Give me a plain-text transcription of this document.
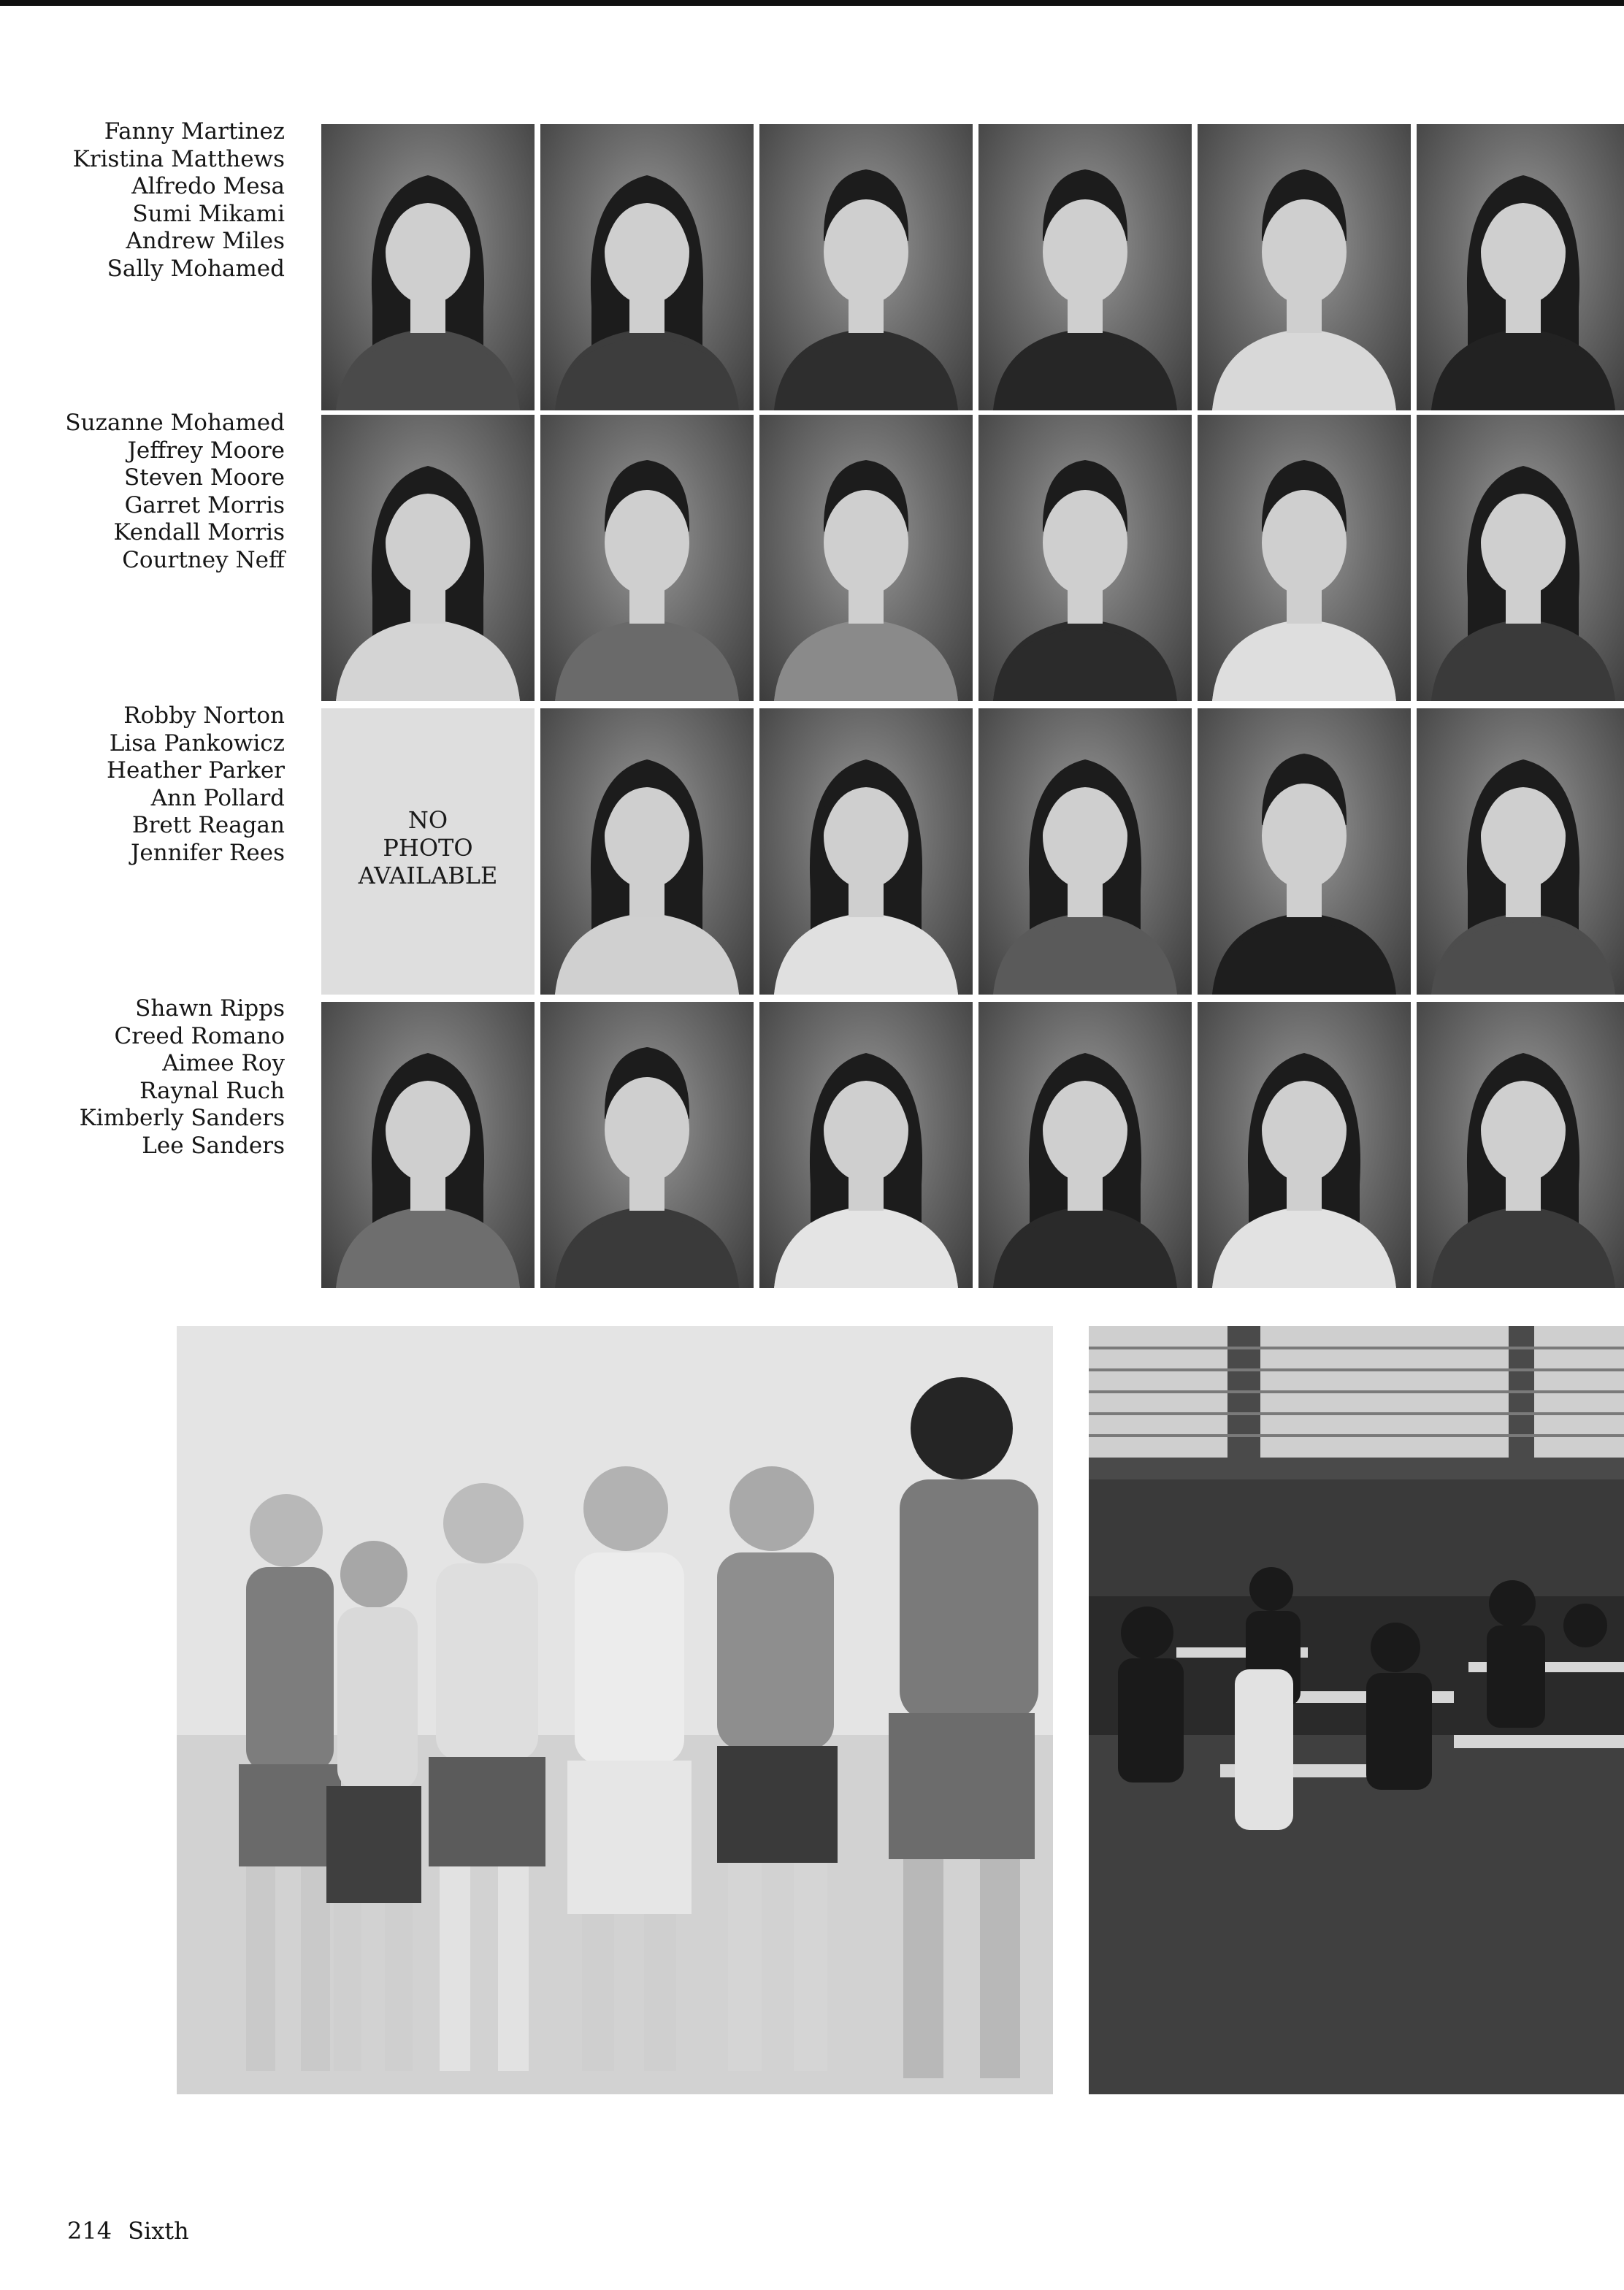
Fanny Martinez
Kristina Matthews
Alfredo Mesa
Sumi Mikami
Andrew Miles
Sally Mohamed
Suzanne Mohamed
Jeffrey Moore
Steven Moore
Garret Morris
Kendall Morris
Courtney Neff
Robby Norton
Lisa Pankowicz
Heather Parker
Ann Pollard
Brett Reagan
Jennifer Rees
NO
PHOTO
AVAILABLE
Shawn Ripps
Creed Romano
Aimee Roy
Raynal Ruch
Kimberly Sanders
Lee Sanders
214 Sixth
